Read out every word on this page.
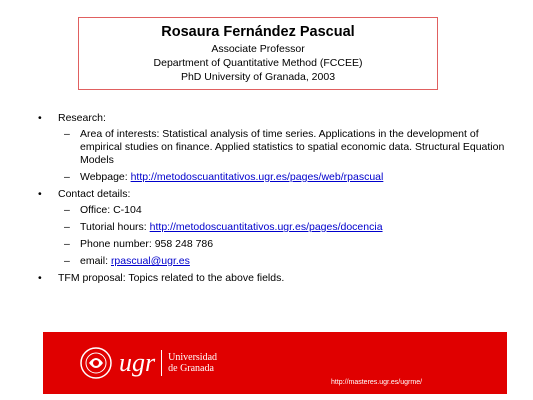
Rosaura Fernández Pascual
Associate Professor
Department of Quantitative Method (FCCEE)
PhD University of Granada, 2003
• Research:
– Area of interests: Statistical analysis of time series. Applications in the development of empirical studies on finance. Applied statistics to spatial economic data. Structural Equation Models
– Webpage: http://metodoscuantitativos.ugr.es/pages/web/rpascual
• Contact details:
– Office: C-104
– Tutorial hours: http://metodoscuantitativos.ugr.es/pages/docencia
– Phone number: 958 248 786
– email: rpascual@ugr.es
• TFM proposal: Topics related to the above fields.
ugr Universidad
de Granada
http://masteres.ugr.es/ugrme/
